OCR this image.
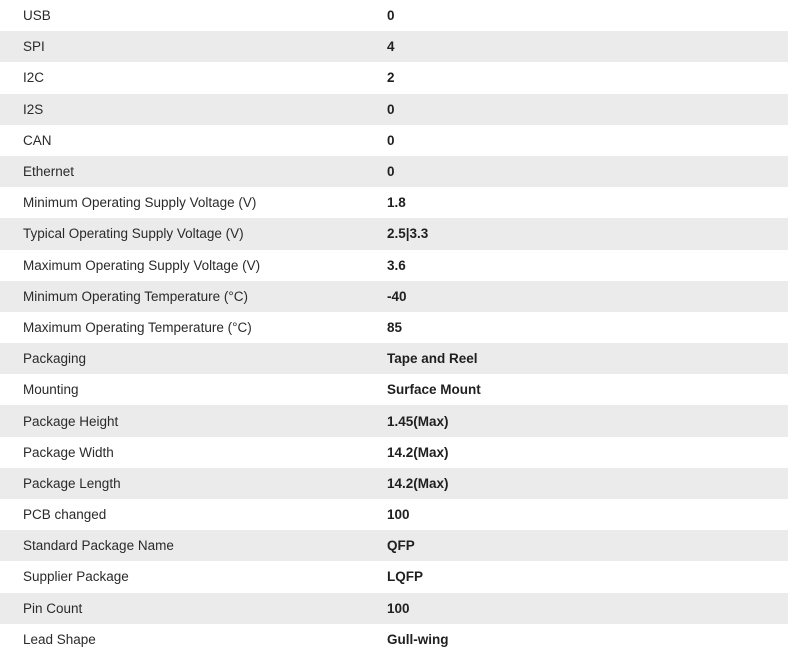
USB	0
SPI	4
I2C	2
I2S	0
CAN	0
Ethernet	0
Minimum Operating Supply Voltage (V)	1.8
Typical Operating Supply Voltage (V)	2.5|3.3
Maximum Operating Supply Voltage (V)	3.6
Minimum Operating Temperature (°C)	-40
Maximum Operating Temperature (°C)	85
Packaging	Tape and Reel
Mounting	Surface Mount
Package Height	1.45(Max)
Package Width	14.2(Max)
Package Length	14.2(Max)
PCB changed	100
Standard Package Name	QFP
Supplier Package	LQFP
Pin Count	100
Lead Shape	Gull-wing
